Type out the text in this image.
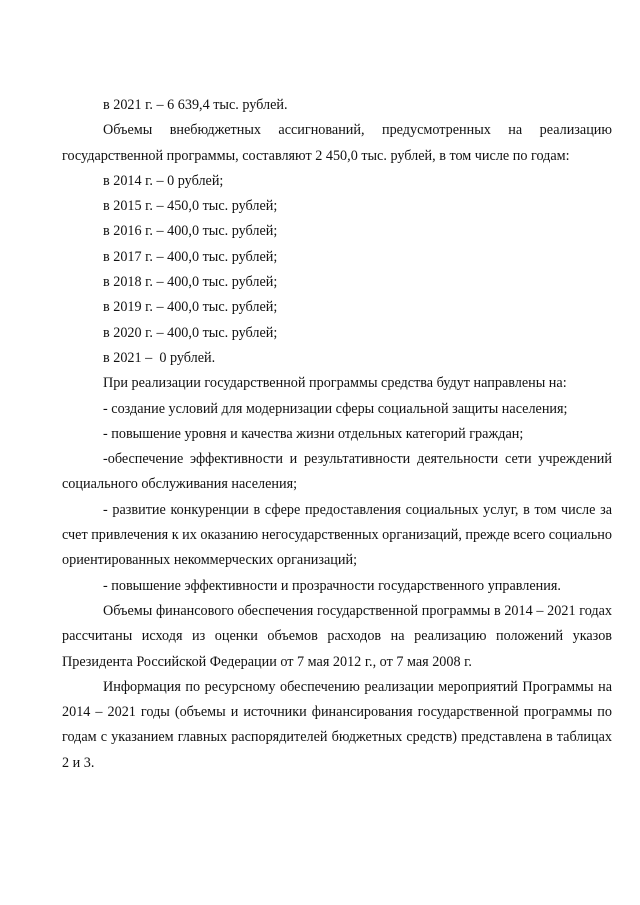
в 2021 г. – 6 639,4 тыс. рублей.

Объемы внебюджетных ассигнований, предусмотренных на реализацию государственной программы, составляют 2 450,0 тыс. рублей, в том числе по годам:

в 2014 г. – 0 рублей;

в 2015 г. – 450,0 тыс. рублей;

в 2016 г. – 400,0 тыс. рублей;

в 2017 г. – 400,0 тыс. рублей;

в 2018 г. – 400,0 тыс. рублей;

в 2019 г. – 400,0 тыс. рублей;

в 2020 г. – 400,0 тыс. рублей;

в 2021 –  0 рублей.

При реализации государственной программы средства будут направлены на:

- создание условий для модернизации сферы социальной защиты населения;

- повышение уровня и качества жизни отдельных категорий граждан;

-обеспечение эффективности и результативности деятельности сети учреждений социального обслуживания населения;

- развитие конкуренции в сфере предоставления социальных услуг, в том числе за счет привлечения к их оказанию негосударственных организаций, прежде всего социально ориентированных некоммерческих организаций;

- повышение эффективности и прозрачности государственного управления.

Объемы финансового обеспечения государственной программы в 2014 – 2021 годах рассчитаны исходя из оценки объемов расходов на реализацию положений указов Президента Российской Федерации от 7 мая 2012 г., от 7 мая 2008 г.

Информация по ресурсному обеспечению реализации мероприятий Программы на 2014 – 2021 годы (объемы и источники финансирования государственной программы по годам с указанием главных распорядителей бюджетных средств) представлена в таблицах 2 и 3.
